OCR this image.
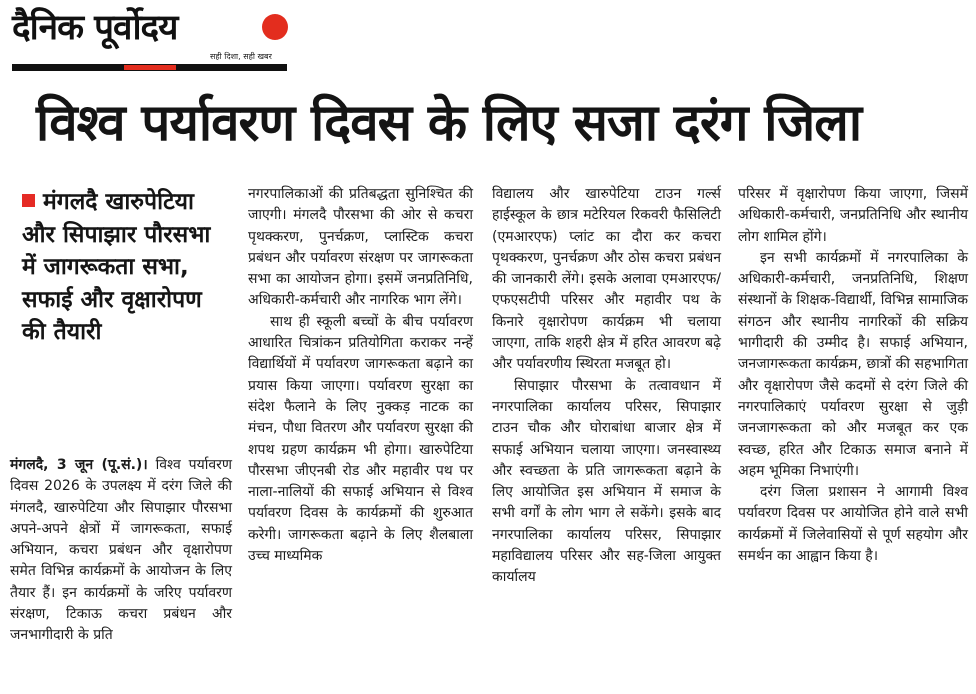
दैनिक पूर्वोदय
सही दिशा, सही खबर
विश्व पर्यावरण दिवस के लिए सजा दरंग जिला
मंगलदै खारुपेटिया और सिपाझार पौरसभा में जागरूकता सभा, सफाई और वृक्षारोपण की तैयारी

मंगलदै, 3 जून (पू.सं.)। विश्व पर्यावरण दिवस 2026 के उपलक्ष्य में दरंग जिले की मंगलदै, खारुपेटिया और सिपाझार पौरसभा अपने-अपने क्षेत्रों में जागरूकता, सफाई अभियान, कचरा प्रबंधन और वृक्षारोपण समेत विभिन्न कार्यक्रमों के आयोजन के लिए तैयार हैं। इन कार्यक्रमों के जरिए पर्यावरण संरक्षण, टिकाऊ कचरा प्रबंधन और जनभागीदारी के प्रति

नगरपालिकाओं की प्रतिबद्धता सुनिश्चित की जाएगी। मंगलदै पौरसभा की ओर से कचरा पृथक्करण, पुनर्चक्रण, प्लास्टिक कचरा प्रबंधन और पर्यावरण संरक्षण पर जागरूकता सभा का आयोजन होगा। इसमें जनप्रतिनिधि, अधिकारी-कर्मचारी और नागरिक भाग लेंगे।

साथ ही स्कूली बच्चों के बीच पर्यावरण आधारित चित्रांकन प्रतियोगिता कराकर नन्हें विद्यार्थियों में पर्यावरण जागरूकता बढ़ाने का प्रयास किया जाएगा। पर्यावरण सुरक्षा का संदेश फैलाने के लिए नुक्कड़ नाटक का मंचन, पौधा वितरण और पर्यावरण सुरक्षा की शपथ ग्रहण कार्यक्रम भी होगा। खारुपेटिया पौरसभा जीएनबी रोड और महावीर पथ पर नाला-नालियों की सफाई अभियान से विश्व पर्यावरण दिवस के कार्यक्रमों की शुरुआत करेगी। जागरूकता बढ़ाने के लिए शैलबाला उच्च माध्यमिक

विद्यालय और खारुपेटिया टाउन गर्ल्स हाईस्कूल के छात्र मटेरियल रिकवरी फैसिलिटी (एमआरएफ) प्लांट का दौरा कर कचरा पृथक्करण, पुनर्चक्रण और ठोस कचरा प्रबंधन की जानकारी लेंगे। इसके अलावा एमआरएफ/एफएसटीपी परिसर और महावीर पथ के किनारे वृक्षारोपण कार्यक्रम भी चलाया जाएगा, ताकि शहरी क्षेत्र में हरित आवरण बढ़े और पर्यावरणीय स्थिरता मजबूत हो।

सिपाझार पौरसभा के तत्वावधान में नगरपालिका कार्यालय परिसर, सिपाझार टाउन चौक और घोराबांधा बाजार क्षेत्र में सफाई अभियान चलाया जाएगा। जनस्वास्थ्य और स्वच्छता के प्रति जागरूकता बढ़ाने के लिए आयोजित इस अभियान में समाज के सभी वर्गों के लोग भाग ले सकेंगे। इसके बाद नगरपालिका कार्यालय परिसर, सिपाझार महाविद्यालय परिसर और सह-जिला आयुक्त कार्यालय

परिसर में वृक्षारोपण किया जाएगा, जिसमें अधिकारी-कर्मचारी, जनप्रतिनिधि और स्थानीय लोग शामिल होंगे।

इन सभी कार्यक्रमों में नगरपालिका के अधिकारी-कर्मचारी, जनप्रतिनिधि, शिक्षण संस्थानों के शिक्षक-विद्यार्थी, विभिन्न सामाजिक संगठन और स्थानीय नागरिकों की सक्रिय भागीदारी की उम्मीद है। सफाई अभियान, जनजागरूकता कार्यक्रम, छात्रों की सहभागिता और वृक्षारोपण जैसे कदमों से दरंग जिले की नगरपालिकाएं पर्यावरण सुरक्षा से जुड़ी जनजागरूकता को और मजबूत कर एक स्वच्छ, हरित और टिकाऊ समाज बनाने में अहम भूमिका निभाएंगी।

दरंग जिला प्रशासन ने आगामी विश्व पर्यावरण दिवस पर आयोजित होने वाले सभी कार्यक्रमों में जिलेवासियों से पूर्ण सहयोग और समर्थन का आह्वान किया है।
